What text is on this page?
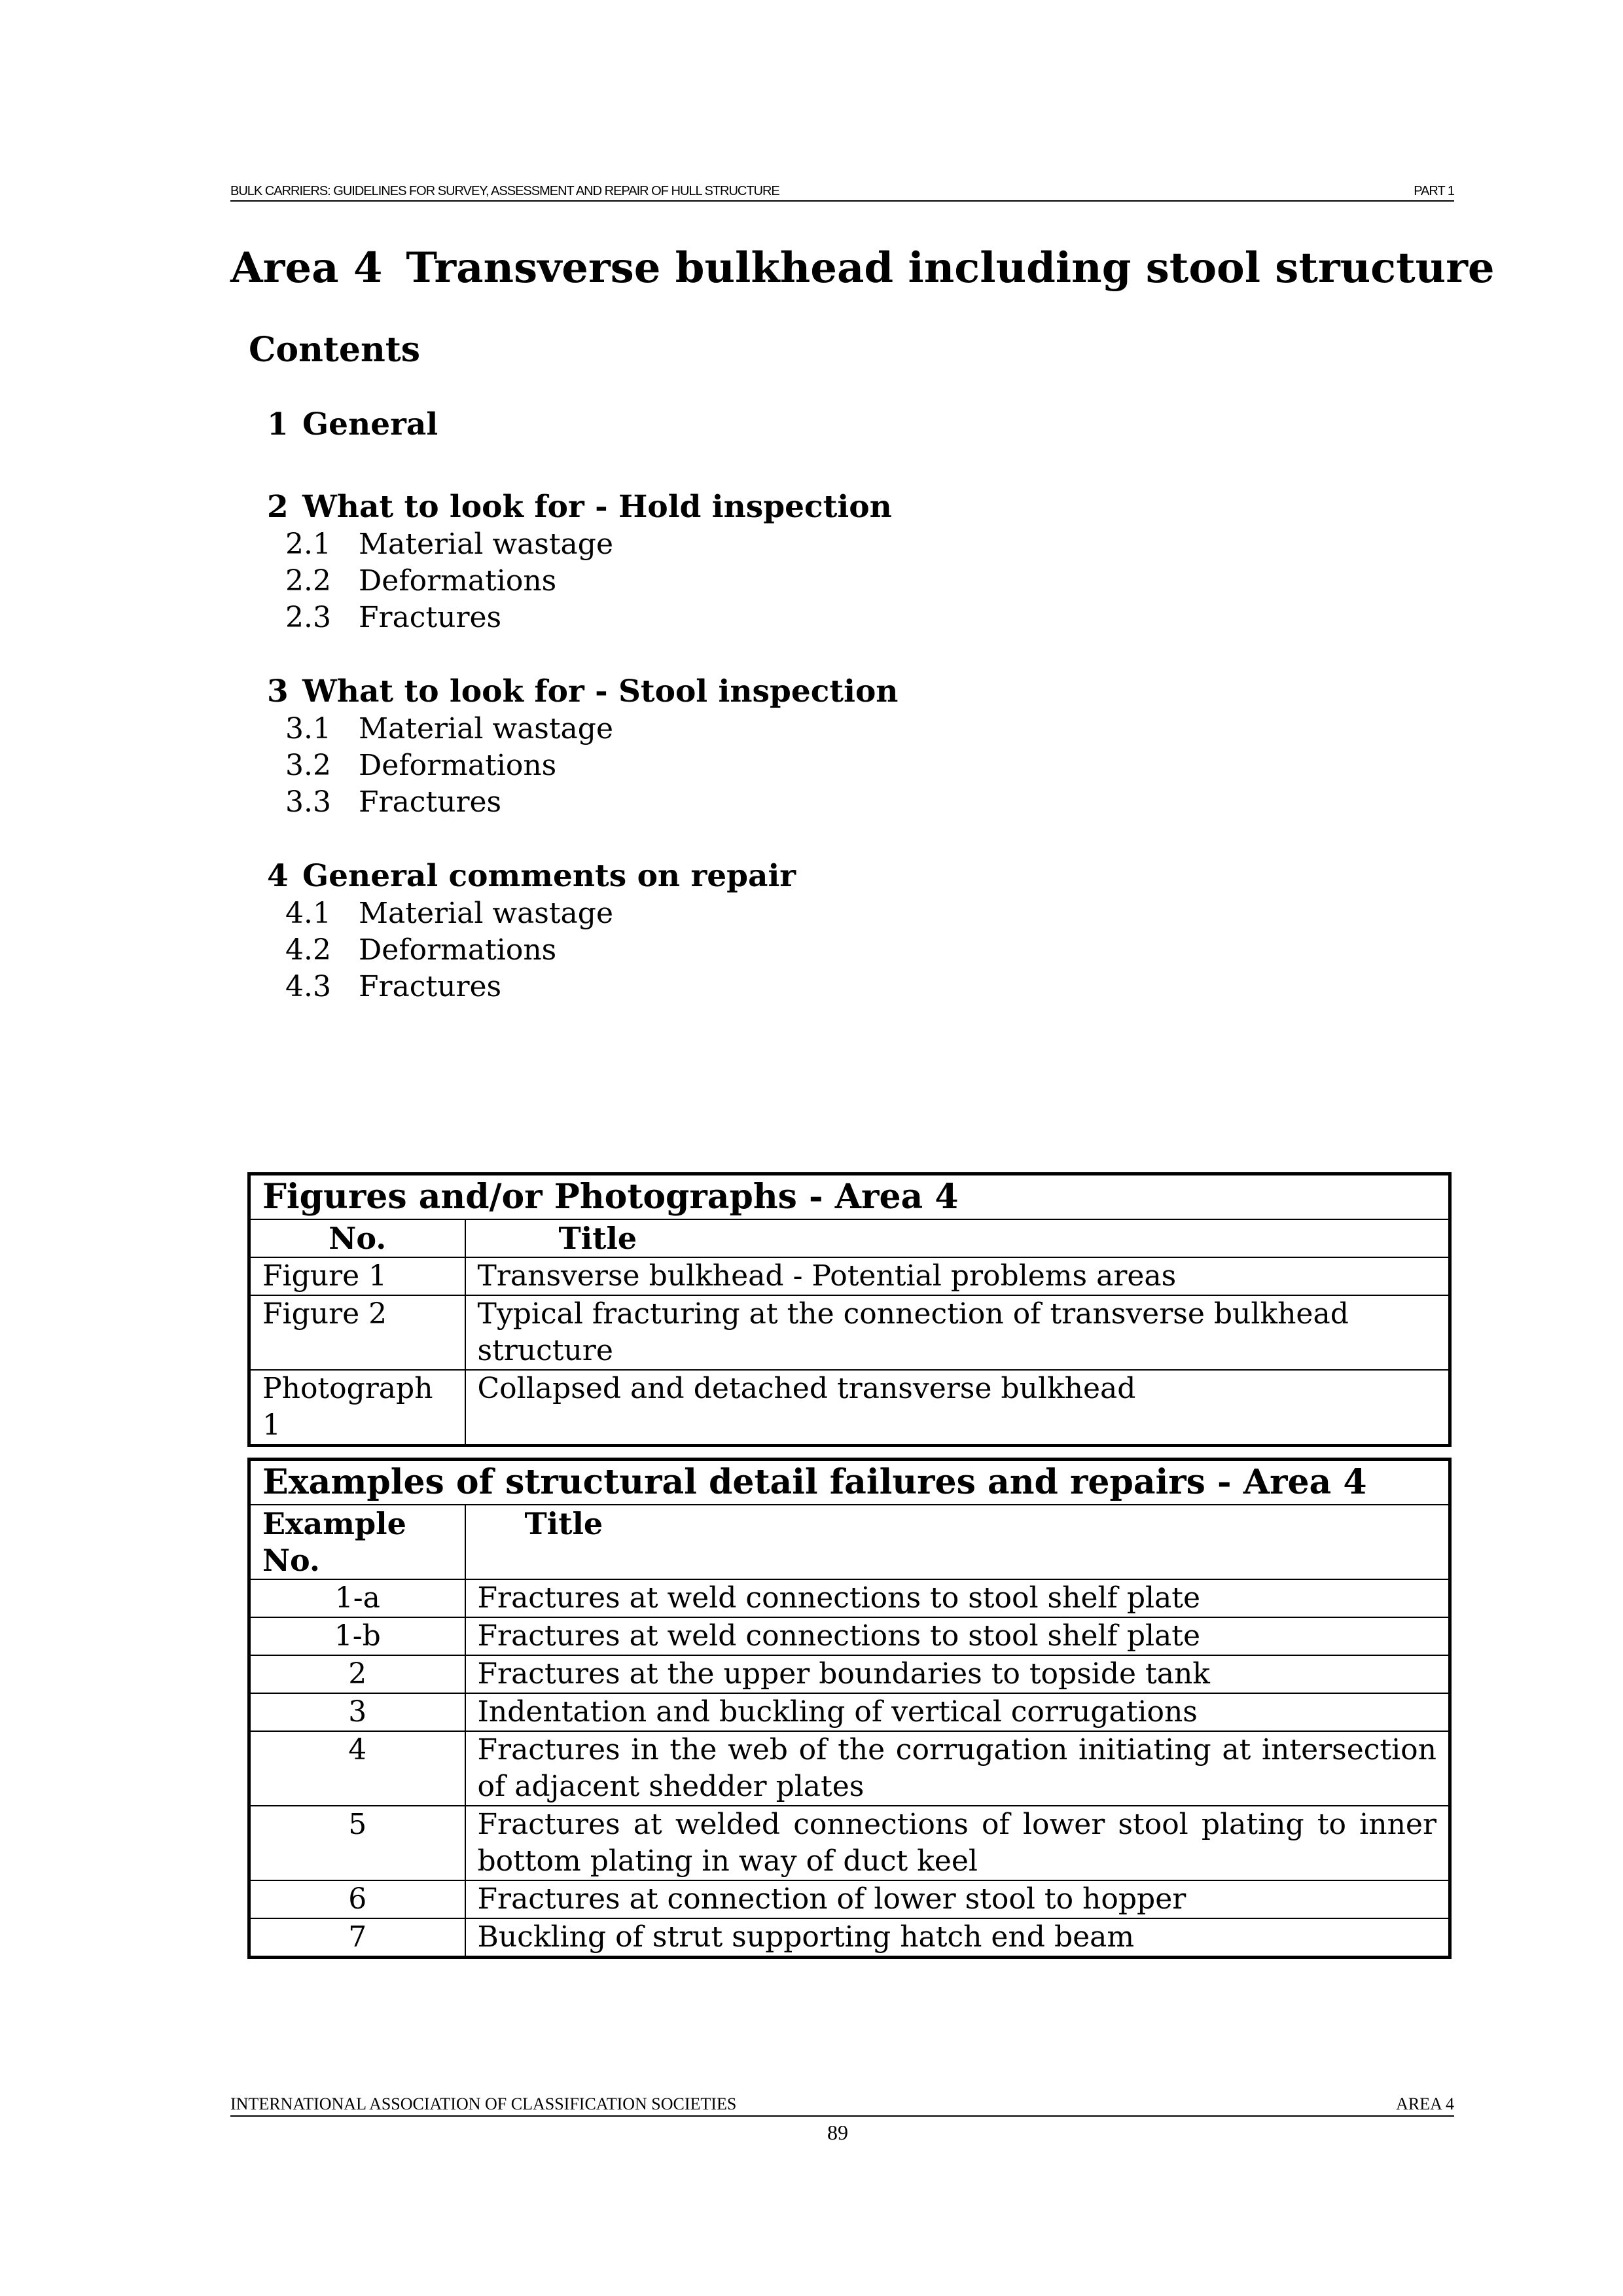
BULK CARRIERS: GUIDELINES FOR SURVEY, ASSESSMENT AND REPAIR OF HULL STRUCTURE	PART 1
Area 4 Transverse bulkhead including stool structure
Contents
1 General
2 What to look for - Hold inspection
2.1 Material wastage
2.2 Deformations
2.3 Fractures
3 What to look for - Stool inspection
3.1 Material wastage
3.2 Deformations
3.3 Fractures
4 General comments on repair
4.1 Material wastage
4.2 Deformations
4.3 Fractures
Figures and/or Photographs - Area 4	
No.	Title
Figure 1	Transverse bulkhead - Potential problems areas
Figure 2	Typical fracturing at the connection of transverse bulkhead structure
Photograph 1	Collapsed and detached transverse bulkhead
Examples of structural detail failures and repairs - Area 4	
Example No.	Title
1-a	Fractures at weld connections to stool shelf plate
1-b	Fractures at weld connections to stool shelf plate
2	Fractures at the upper boundaries to topside tank
3	Indentation and buckling of vertical corrugations
4	Fractures in the web of the corrugation initiating at intersection of adjacent shedder plates
5	Fractures at welded connections of lower stool plating to inner bottom plating in way of duct keel
6	Fractures at connection of lower stool to hopper
7	Buckling of strut supporting hatch end beam
INTERNATIONAL ASSOCIATION OF CLASSIFICATION SOCIETIES	AREA 4
89
